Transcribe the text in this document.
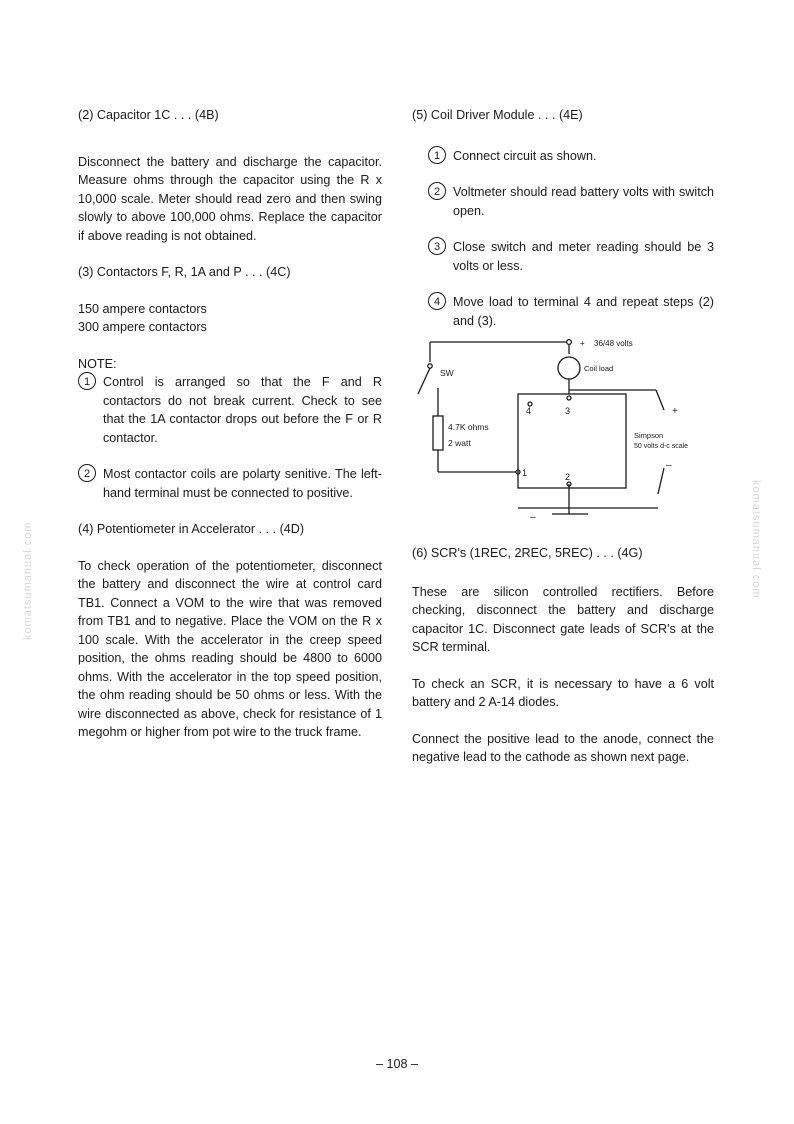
komatsumanual.com	komatsumanual.com

(2) Capacitor 1C . . . (4B)

Disconnect the battery and discharge the capacitor. Measure ohms through the capacitor using the R x 10,000 scale. Meter should read zero and then swing slowly to above 100,000 ohms. Replace the capacitor if above reading is not obtained.

(3) Contactors F, R, 1A and P . . . (4C)

150 ampere contactors

300 ampere contactors

NOTE:

1	Control is arranged so that the F and R contactors do not break current. Check to see that the 1A contactor drops out before the F or R contactor.
2	Most contactor coils are polarty senitive. The left-hand terminal must be connected to positive.

(4) Potentiometer in Accelerator . . . (4D)

To check operation of the potentiometer, disconnect the battery and disconnect the wire at control card TB1. Connect a VOM to the wire that was removed from TB1 and to negative. Place the VOM on the R x 100 scale. With the accelerator in the creep speed position, the ohms reading should be 4800 to 6000 ohms. With the accelerator in the top speed position, the ohm reading should be 50 ohms or less. With the wire disconnected as above, check for resistance of 1 megohm or higher from pot wire to the truck frame.

(5) Coil Driver Module . . . (4E)

1	Connect circuit as shown.
2	Voltmeter should read battery volts with switch open.
3	Close switch and meter reading should be 3 volts or less.
4	Move load to terminal 4 and repeat steps (2) and (3).
+ 36/48 volts
Coil load
SW
4	3
1	2
4.7K ohms
2 watt
Simpson
50 volts d-c scale
+
–
–

(6) SCR's (1REC, 2REC, 5REC) . . . (4G)

These are silicon controlled rectifiers. Before checking, disconnect the battery and discharge capacitor 1C. Disconnect gate leads of SCR's at the SCR terminal.

To check an SCR, it is necessary to have a 6 volt battery and 2 A-14 diodes.

Connect the positive lead to the anode, connect the negative lead to the cathode as shown next page.

– 108 –
